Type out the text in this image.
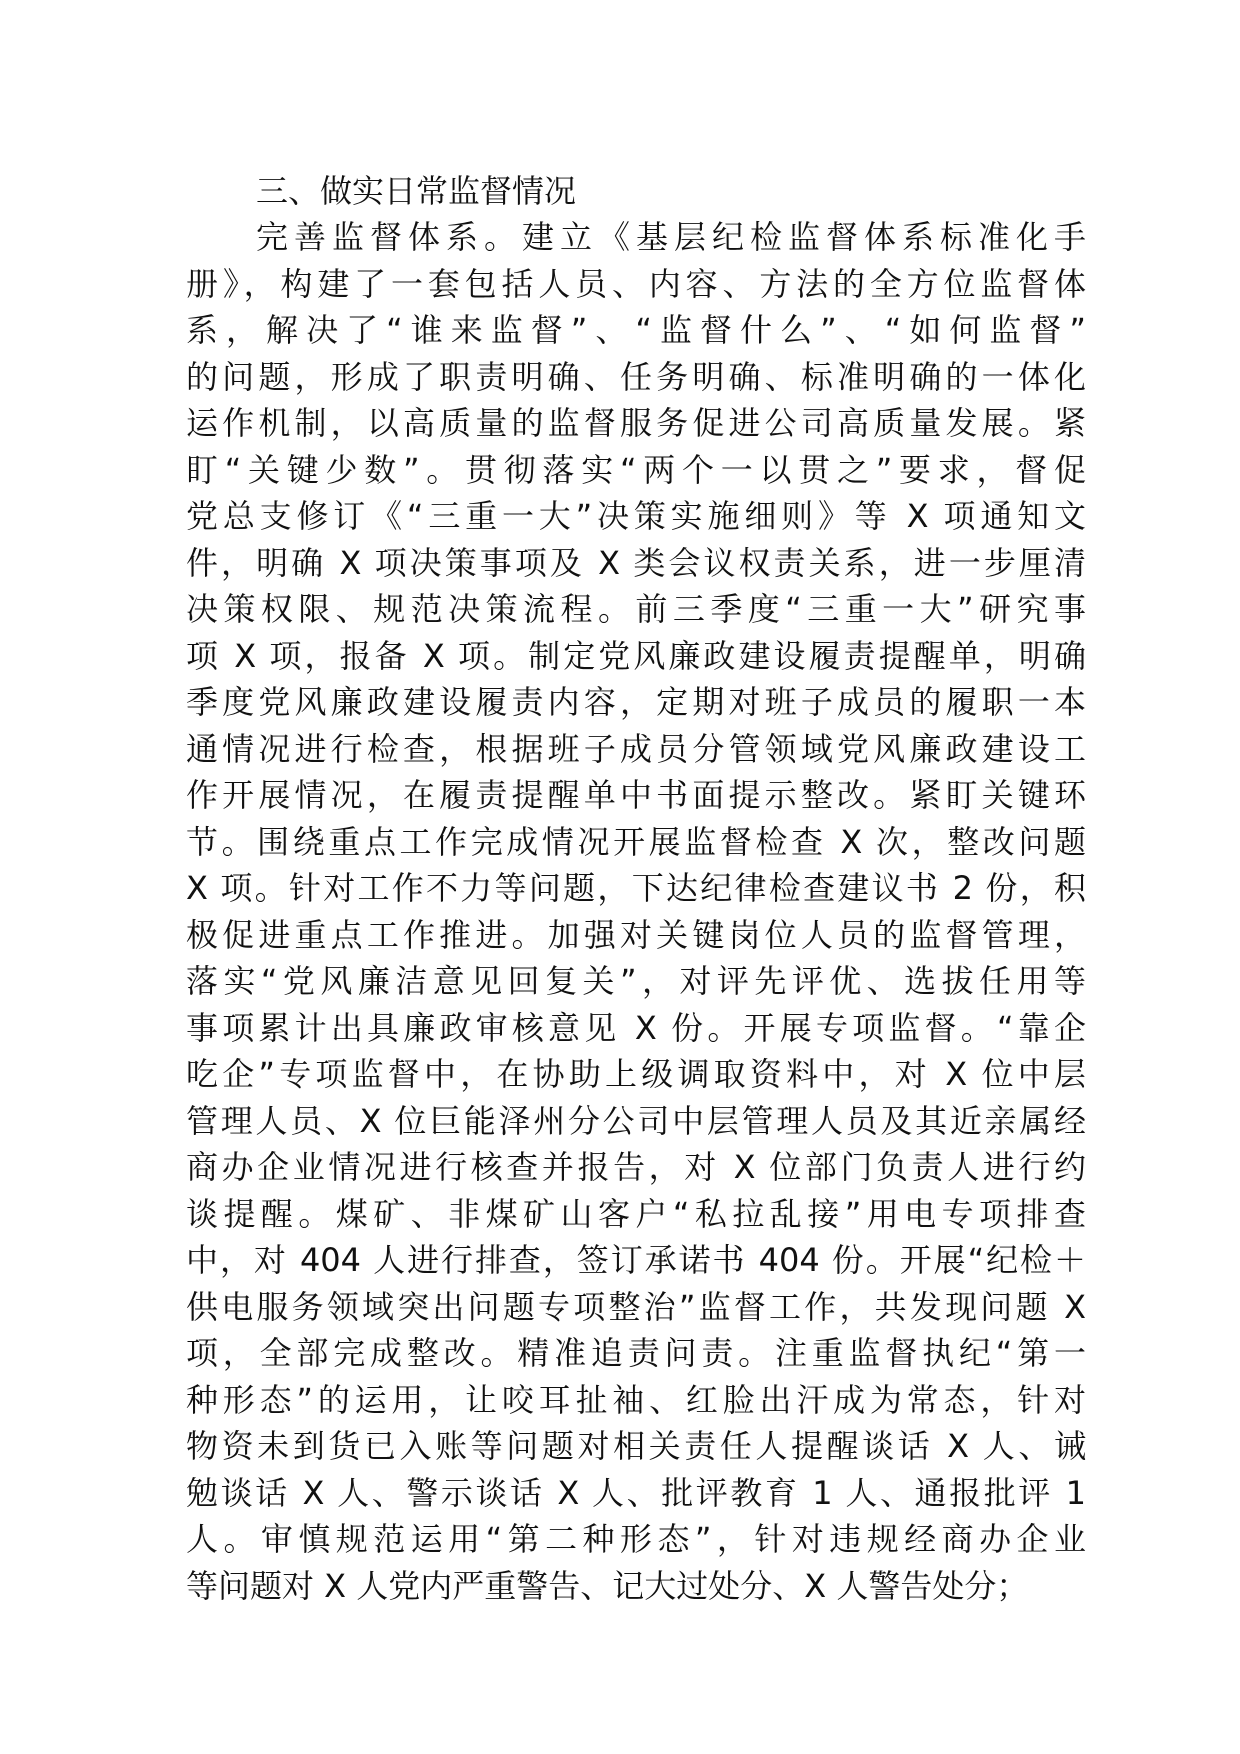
三、做实日常监督情况
完善监督体系。建立《基层纪检监督体系标准化手
册》，构建了一套包括人员、内容、方法的全方位监督体
系，解决了“谁来监督”、“监督什么”、“如何监督”
的问题，形成了职责明确、任务明确、标准明确的一体化
运作机制，以高质量的监督服务促进公司高质量发展。紧
盯“关键少数”。贯彻落实“两个一以贯之”要求，督促
党总支修订《“三重一大”决策实施细则》等 X 项通知文
件，明确 X 项决策事项及 X 类会议权责关系，进一步厘清
决策权限、规范决策流程。前三季度“三重一大”研究事
项 X 项，报备 X 项。制定党风廉政建设履责提醒单，明确
季度党风廉政建设履责内容，定期对班子成员的履职一本
通情况进行检查，根据班子成员分管领域党风廉政建设工
作开展情况，在履责提醒单中书面提示整改。紧盯关键环
节。围绕重点工作完成情况开展监督检查 X 次，整改问题
X 项。针对工作不力等问题，下达纪律检查建议书 2 份，积
极促进重点工作推进。加强对关键岗位人员的监督管理，
落实“党风廉洁意见回复关”，对评先评优、选拔任用等
事项累计出具廉政审核意见 X 份。开展专项监督。“靠企
吃企”专项监督中，在协助上级调取资料中，对 X 位中层
管理人员、X 位巨能泽州分公司中层管理人员及其近亲属经
商办企业情况进行核查并报告，对 X 位部门负责人进行约
谈提醒。煤矿、非煤矿山客户“私拉乱接”用电专项排查
中，对 404 人进行排查，签订承诺书 404 份。开展“纪检＋
供电服务领域突出问题专项整治”监督工作，共发现问题 X
项，全部完成整改。精准追责问责。注重监督执纪“第一
种形态”的运用，让咬耳扯袖、红脸出汗成为常态，针对
物资未到货已入账等问题对相关责任人提醒谈话 X 人、诫
勉谈话 X 人、警示谈话 X 人、批评教育 1 人、通报批评 1
人。审慎规范运用“第二种形态”，针对违规经商办企业
等问题对 X 人党内严重警告、记大过处分、X 人警告处分；
